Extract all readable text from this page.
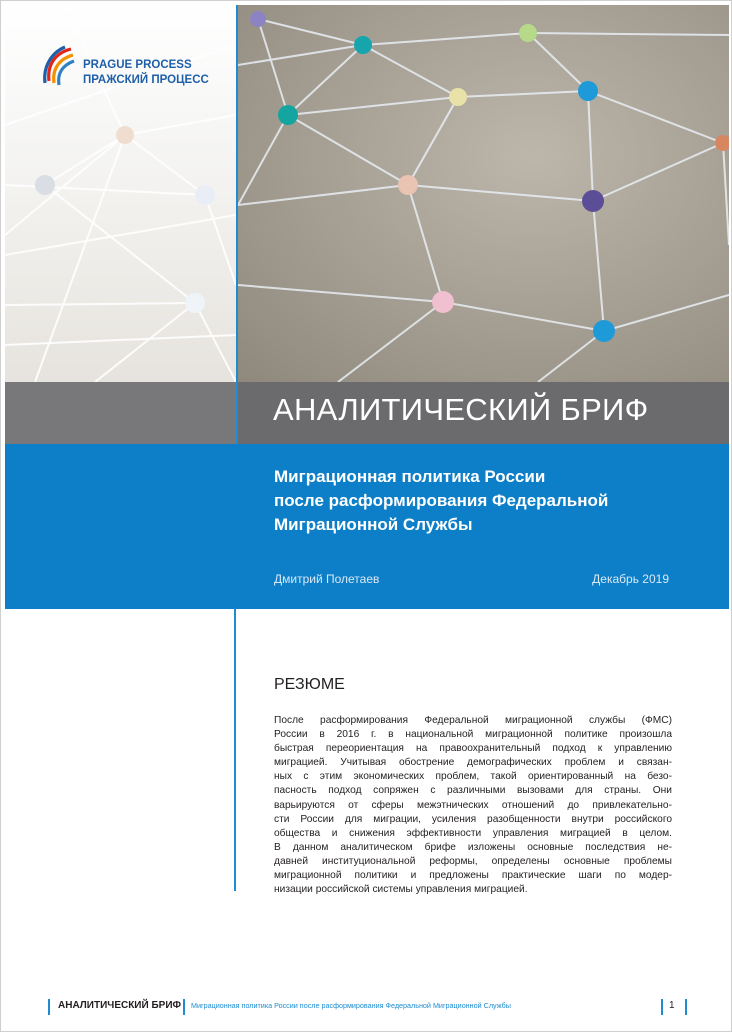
PRAGUE PROCESS
ПРАЖСКИЙ ПРОЦЕСС
АНАЛИТИЧЕСКИЙ БРИФ
Миграционная политика России
после расформирования Федеральной
Миграционной Службы
Дмитрий Полетаев	Декабрь 2019
РЕЗЮМЕ
После расформирования Федеральной миграционной службы (ФМС)
России в 2016 г. в национальной миграционной политике произошла
быстрая переориентация на правоохранительный подход к управлению
миграцией. Учитывая обострение демографических проблем и связан-
ных с этим экономических проблем, такой ориентированный на безо-
пасность подход сопряжен с различными вызовами для страны. Они
варьируются от сферы межэтнических отношений до привлекательно-
сти России для миграции, усиления разобщенности внутри российского
общества и снижения эффективности управления миграцией в целом.
В данном аналитическом брифе изложены основные последствия не-
давней институциональной реформы, определены основные проблемы
миграционной политики и предложены практические шаги по модер-
низации российской системы управления миграцией.
АНАЛИТИЧЕСКИЙ БРИФ Миграционная политика России после расформирования Федеральной Миграционной Службы	1
